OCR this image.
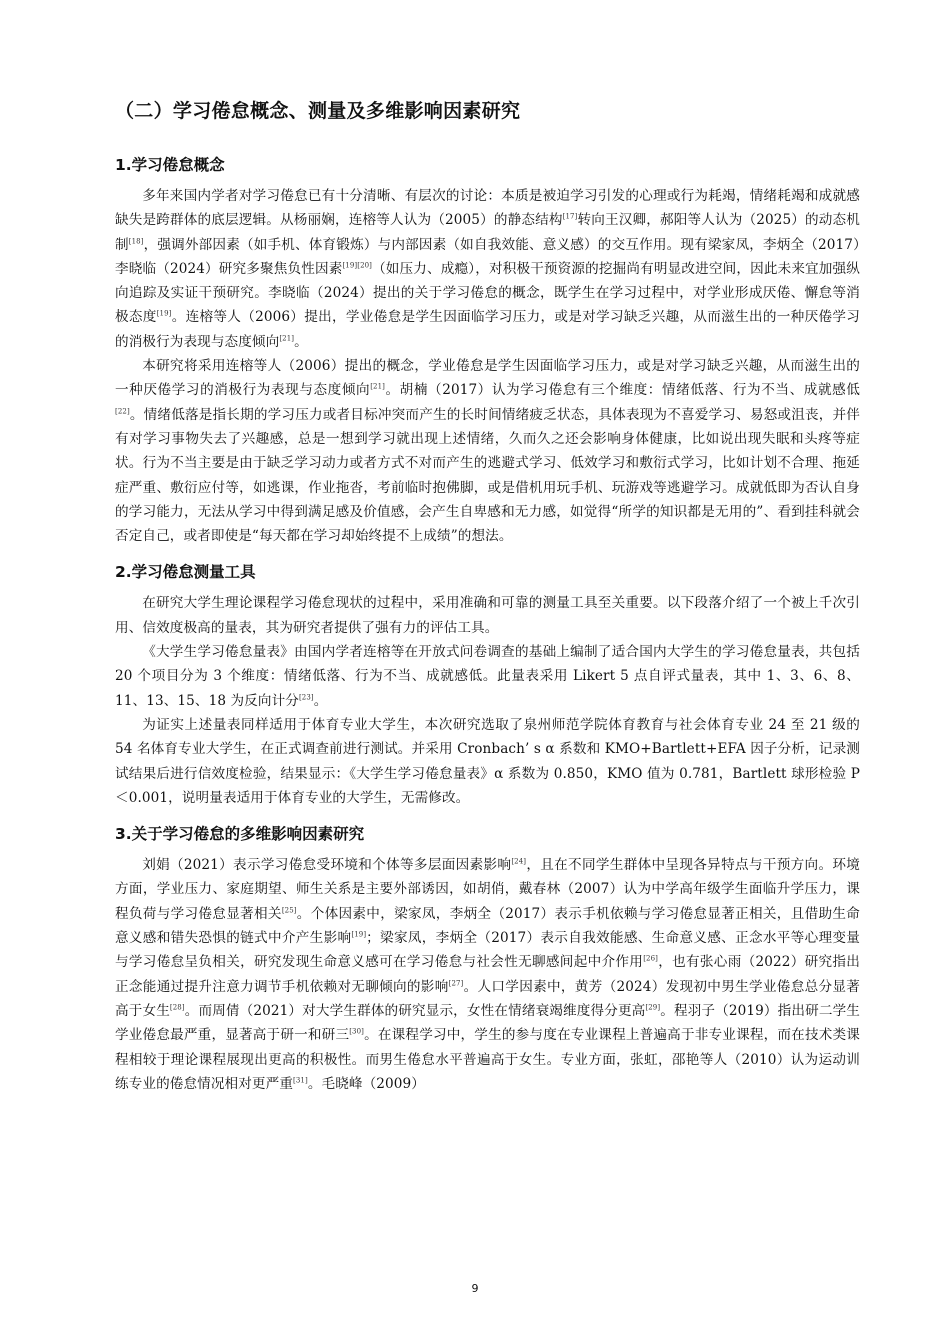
（二）学习倦怠概念、测量及多维影响因素研究
1.学习倦怠概念

多年来国内学者对学习倦怠已有十分清晰、有层次的讨论：本质是被迫学习引发的心理或行为耗竭，情绪耗竭和成就感缺失是跨群体的底层逻辑。从杨丽娴，连榕等人认为（2005）的静态结构[17]转向王汉卿，郝阳等人认为（2025）的动态机制[18]，强调外部因素（如手机、体育锻炼）与内部因素（如自我效能、意义感）的交互作用。现有梁家凤，李炳全（2017）李晓临（2024）研究多聚焦负性因素[19][20]（如压力、成瘾），对积极干预资源的挖掘尚有明显改进空间，因此未来宜加强纵向追踪及实证干预研究。李晓临（2024）提出的关于学习倦怠的概念，既学生在学习过程中，对学业形成厌倦、懈怠等消极态度[19]。连榕等人（2006）提出，学业倦怠是学生因面临学习压力，或是对学习缺乏兴趣，从而滋生出的一种厌倦学习的消极行为表现与态度倾向[21]。

本研究将采用连榕等人（2006）提出的概念，学业倦怠是学生因面临学习压力，或是对学习缺乏兴趣，从而滋生出的一种厌倦学习的消极行为表现与态度倾向[21]。胡楠（2017）认为学习倦怠有三个维度：情绪低落、行为不当、成就感低[22]。情绪低落是指长期的学习压力或者目标冲突而产生的长时间情绪疲乏状态，具体表现为不喜爱学习、易怒或沮丧，并伴有对学习事物失去了兴趣感，总是一想到学习就出现上述情绪，久而久之还会影响身体健康，比如说出现失眠和头疼等症状。行为不当主要是由于缺乏学习动力或者方式不对而产生的逃避式学习、低效学习和敷衍式学习，比如计划不合理、拖延症严重、敷衍应付等，如逃课，作业拖沓，考前临时抱佛脚，或是借机用玩手机、玩游戏等逃避学习。成就低即为否认自身的学习能力，无法从学习中得到满足感及价值感，会产生自卑感和无力感，如觉得“所学的知识都是无用的”、看到挂科就会否定自己，或者即使是“每天都在学习却始终提不上成绩”的想法。

2.学习倦怠测量工具

在研究大学生理论课程学习倦怠现状的过程中，采用准确和可靠的测量工具至关重要。以下段落介绍了一个被上千次引用、信效度极高的量表，其为研究者提供了强有力的评估工具。

《大学生学习倦怠量表》由国内学者连榕等在开放式问卷调查的基础上编制了适合国内大学生的学习倦怠量表，共包括 20 个项目分为 3 个维度：情绪低落、行为不当、成就感低。此量表采用 Likert 5 点自评式量表，其中 1、3、6、8、11、13、15、18 为反向计分[23]。

为证实上述量表同样适用于体育专业大学生，本次研究选取了泉州师范学院体育教育与社会体育专业 24 至 21 级的 54 名体育专业大学生，在正式调查前进行测试。并采用 Cronbach’ s α 系数和 KMO+Bartlett+EFA 因子分析，记录测试结果后进行信效度检验，结果显示：《大学生学习倦怠量表》α 系数为 0.850，KMO 值为 0.781，Bartlett 球形检验 P＜0.001，说明量表适用于体育专业的大学生，无需修改。

3.关于学习倦怠的多维影响因素研究

刘娟（2021）表示学习倦怠受环境和个体等多层面因素影响[24]，且在不同学生群体中呈现各异特点与干预方向。环境方面，学业压力、家庭期望、师生关系是主要外部诱因，如胡俏，戴春林（2007）认为中学高年级学生面临升学压力，课程负荷与学习倦怠显著相关[25]。个体因素中，梁家凤，李炳全（2017）表示手机依赖与学习倦怠显著正相关，且借助生命意义感和错失恐惧的链式中介产生影响[19]；梁家凤，李炳全（2017）表示自我效能感、生命意义感、正念水平等心理变量与学习倦怠呈负相关，研究发现生命意义感可在学习倦怠与社会性无聊感间起中介作用[26]，也有张心雨（2022）研究指出正念能通过提升注意力调节手机依赖对无聊倾向的影响[27]。人口学因素中，黄芳（2024）发现初中男生学业倦怠总分显著高于女生[28]。而周倩（2021）对大学生群体的研究显示，女性在情绪衰竭维度得分更高[29]。程羽子（2019）指出研二学生学业倦怠最严重，显著高于研一和研三[30]。在课程学习中，学生的参与度在专业课程上普遍高于非专业课程，而在技术类课程相较于理论课程展现出更高的积极性。而男生倦怠水平普遍高于女生。专业方面，张虹，邵艳等人（2010）认为运动训练专业的倦怠情况相对更严重[31]。毛晓峰（2009）

9
